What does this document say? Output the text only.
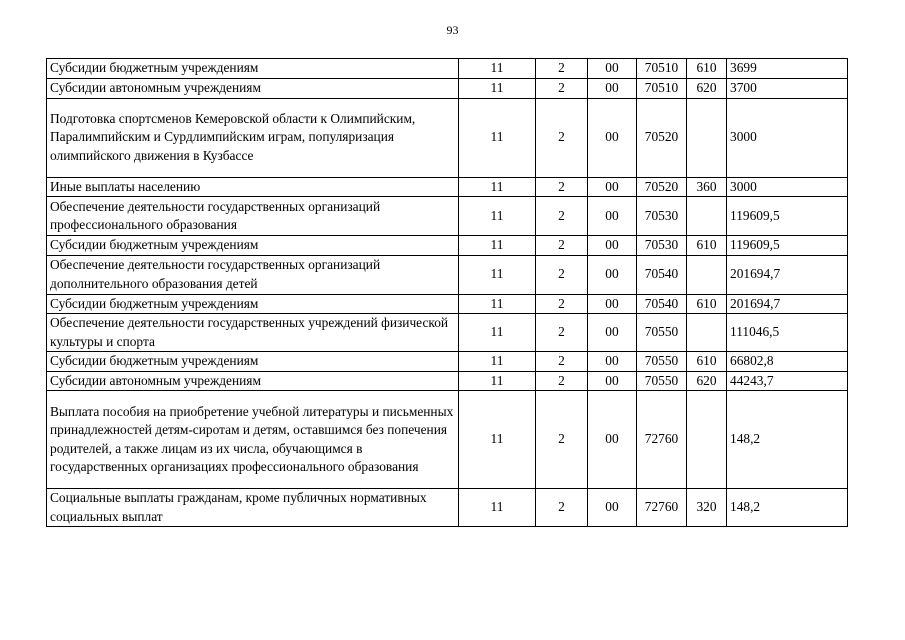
93
Субсидии бюджетным учреждениям	11	2	00	70510	610	3699
Субсидии автономным учреждениям	11	2	00	70510	620	3700
Подготовка спортсменов Кемеровской области к Олимпийским, Паралимпийским и Сурдлимпийским играм, популяризация олимпийского движения в Кузбассе	11	2	00	70520		3000
Иные выплаты населению	11	2	00	70520	360	3000
Обеспечение деятельности государственных организаций профессионального образования	11	2	00	70530		119609,5
Субсидии бюджетным учреждениям	11	2	00	70530	610	119609,5
Обеспечение деятельности государственных организаций дополнительного образования детей	11	2	00	70540		201694,7
Субсидии бюджетным учреждениям	11	2	00	70540	610	201694,7
Обеспечение деятельности государственных учреждений физической культуры и спорта	11	2	00	70550		111046,5
Субсидии бюджетным учреждениям	11	2	00	70550	610	66802,8
Субсидии автономным учреждениям	11	2	00	70550	620	44243,7
Выплата пособия на приобретение учебной литературы и письменных принадлежностей детям-сиротам и детям, оставшимся без попечения родителей, а также лицам из их числа, обучающимся в государственных организациях профессионального образования	11	2	00	72760		148,2
Социальные выплаты гражданам, кроме публичных нормативных социальных выплат	11	2	00	72760	320	148,2
